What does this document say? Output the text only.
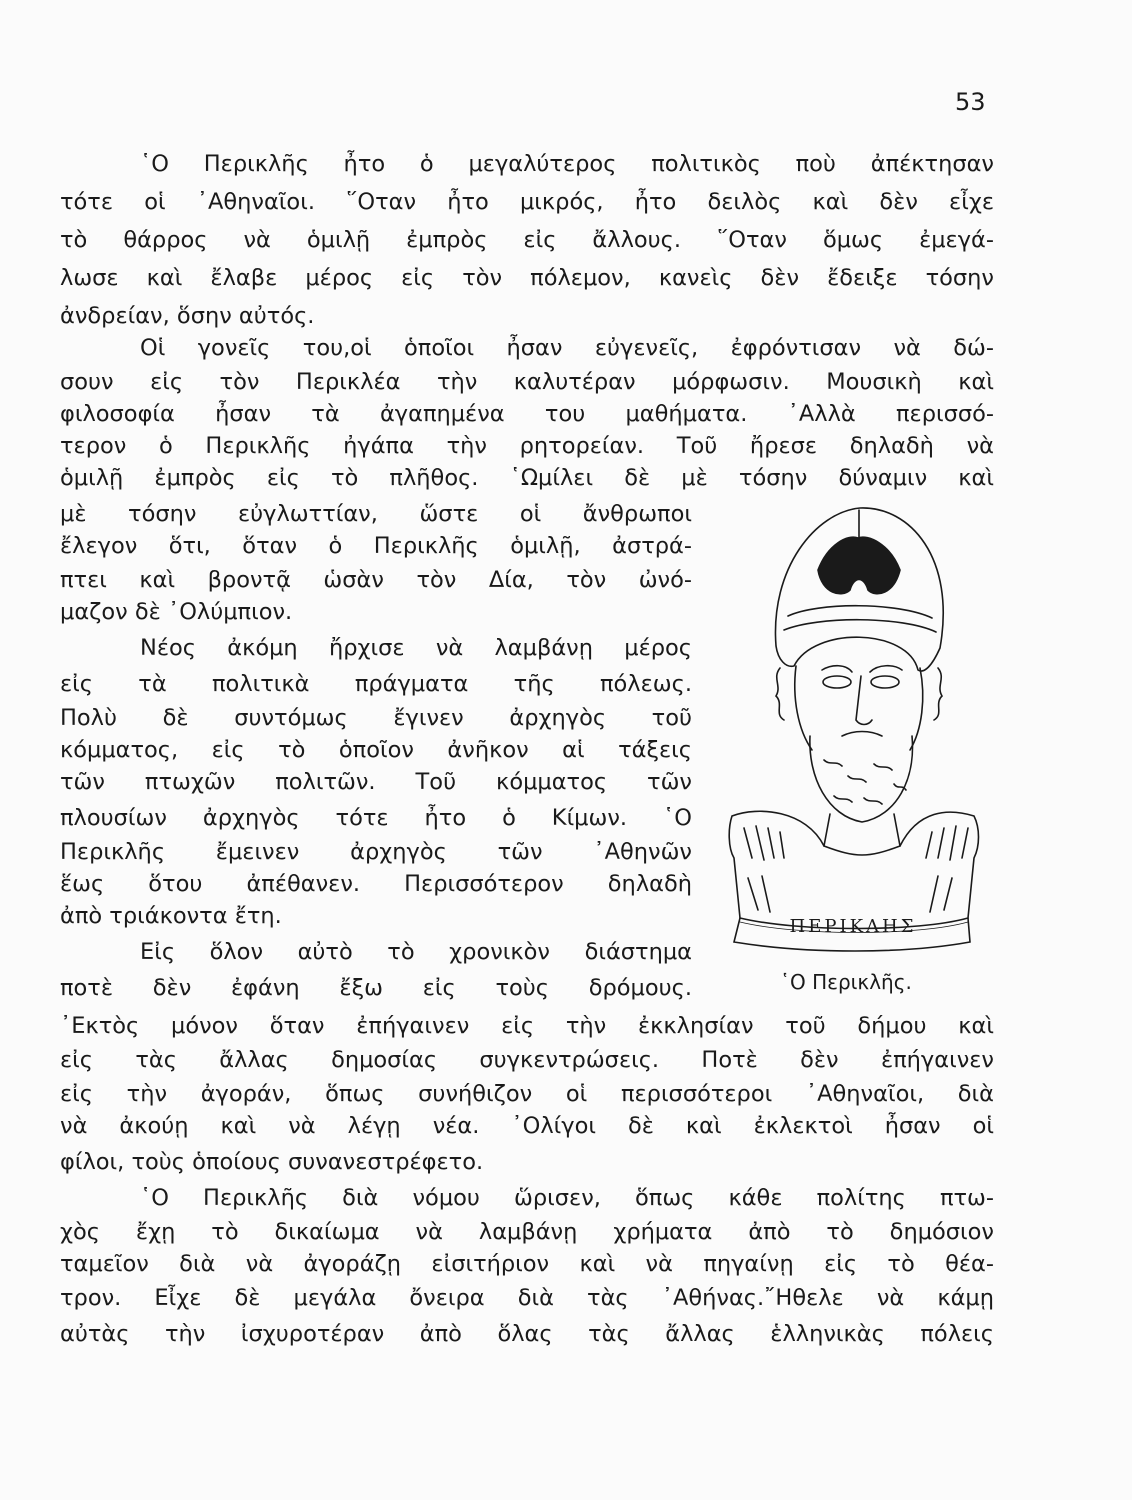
53
῾Ο Περικλῆς ἦτο ὁ μεγαλύτερος πολιτικὸς ποὺ ἀπέκτησαν
τότε οἱ ᾿Αθηναῖοι. ῞Οταν ἦτο μικρός, ἦτο δειλὸς καὶ δὲν εἶχε
τὸ θάρρος νὰ ὁμιλῇ ἐμπρὸς εἰς ἄλλους. ῞Οταν ὅμως ἐμεγά-
λωσε καὶ ἔλαβε μέρος εἰς τὸν πόλεμον, κανεὶς δὲν ἔδειξε τόσην
ἀνδρείαν, ὅσην αὐτός.
Οἱ γονεῖς του,οἱ ὁποῖοι ἦσαν εὐγενεῖς, ἐφρόντισαν νὰ δώ-
σουν εἰς τὸν Περικλέα τὴν καλυτέραν μόρφωσιν. Μουσικὴ καὶ
φιλοσοφία ἦσαν τὰ ἀγαπημένα του μαθήματα. ᾿Αλλὰ περισσό-
τερον ὁ Περικλῆς ἠγάπα τὴν ρητορείαν. Τοῦ ἤρεσε δηλαδὴ νὰ
ὁμιλῇ ἐμπρὸς εἰς τὸ πλῆθος. ῾Ωμίλει δὲ μὲ τόσην δύναμιν καὶ
μὲ τόσην εὐγλωττίαν, ὥστε οἱ ἄνθρωποι
ἔλεγον ὅτι, ὅταν ὁ Περικλῆς ὁμιλῇ, ἀστρά-
πτει καὶ βροντᾷ ὡσὰν τὸν Δία, τὸν ὠνό-
μαζον δὲ ᾿Ολύμπιον.
Νέος ἀκόμη ἤρχισε νὰ λαμβάνῃ μέρος
εἰς τὰ πολιτικὰ πράγματα τῆς πόλεως.
Πολὺ δὲ συντόμως ἔγινεν ἀρχηγὸς τοῦ
κόμματος, εἰς τὸ ὁποῖον ἀνῆκον αἱ τάξεις
τῶν πτωχῶν πολιτῶν. Τοῦ κόμματος τῶν
πλουσίων ἀρχηγὸς τότε ἦτο ὁ Κίμων. ῾Ο
Περικλῆς ἔμεινεν ἀρχηγὸς τῶν ᾿Αθηνῶν
ἕως ὅτου ἀπέθανεν. Περισσότερον δηλαδὴ
ἀπὸ τριάκοντα ἔτη.
Εἰς ὅλον αὐτὸ τὸ χρονικὸν διάστημα
ποτὲ δὲν ἐφάνη ἔξω εἰς τοὺς δρόμους.
ΠΕΡΙΚΛΗΣ
῾Ο Περικλῆς.
᾿Εκτὸς μόνον ὅταν ἐπήγαινεν εἰς τὴν ἐκκλησίαν τοῦ δήμου καὶ
εἰς τὰς ἄλλας δημοσίας συγκεντρώσεις. Ποτὲ δὲν ἐπήγαινεν
εἰς τὴν ἀγοράν, ὅπως συνήθιζον οἱ περισσότεροι ᾿Αθηναῖοι, διὰ
νὰ ἀκούῃ καὶ νὰ λέγῃ νέα. ᾿Ολίγοι δὲ καὶ ἐκλεκτοὶ ἦσαν οἱ
φίλοι, τοὺς ὁποίους συνανεστρέφετο.
῾Ο Περικλῆς διὰ νόμου ὥρισεν, ὅπως κάθε πολίτης πτω-
χὸς ἔχῃ τὸ δικαίωμα νὰ λαμβάνῃ χρήματα ἀπὸ τὸ δημόσιον
ταμεῖον διὰ νὰ ἀγοράζῃ εἰσιτήριον καὶ νὰ πηγαίνῃ εἰς τὸ θέα-
τρον. Εἶχε δὲ μεγάλα ὄνειρα διὰ τὰς ᾿Αθήνας.῎Ηθελε νὰ κάμῃ
αὐτὰς τὴν ἰσχυροτέραν ἀπὸ ὅλας τὰς ἄλλας ἑλληνικὰς πόλεις
